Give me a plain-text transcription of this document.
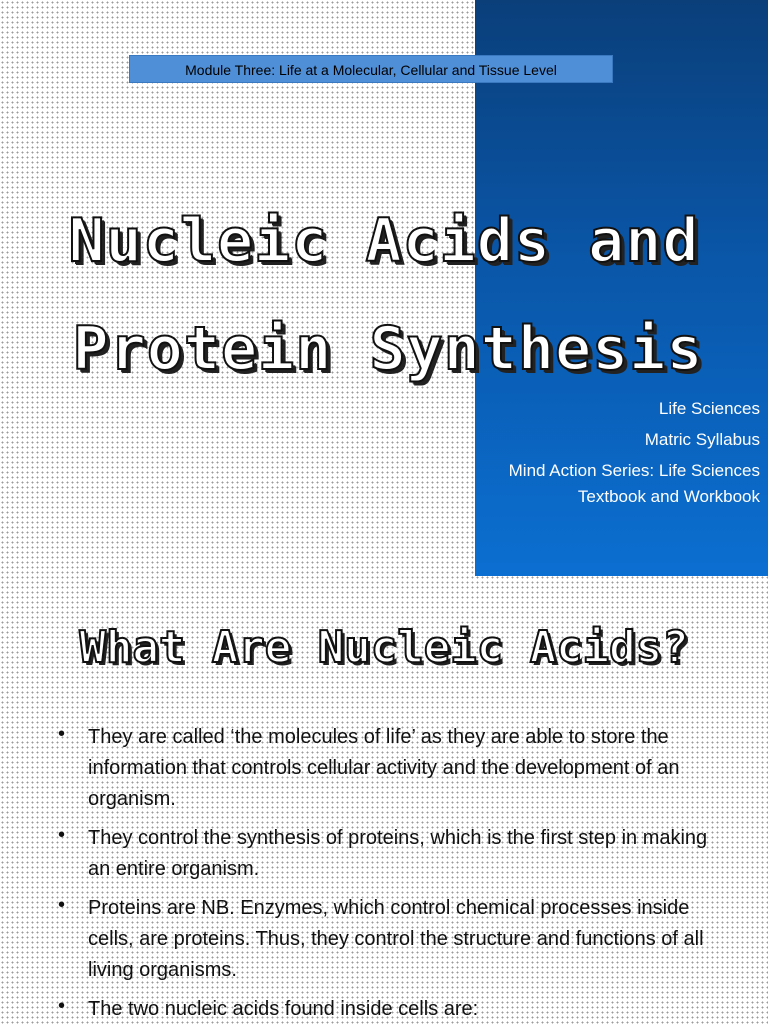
Module Three: Life at a Molecular, Cellular and Tissue Level
Nucleic Acids and
Protein Synthesis
Life Sciences
Matric Syllabus
Mind Action Series: Life Sciences
Textbook and Workbook
What Are Nucleic Acids?
• They are called ‘the molecules of life’ as they are able to store the information that controls cellular activity and the development of an organism.
• They control the synthesis of proteins, which is the first step in making an entire organism.
• Proteins are NB. Enzymes, which control chemical processes inside cells, are proteins. Thus, they control the structure and functions of all living organisms.
• The two nucleic acids found inside cells are:
